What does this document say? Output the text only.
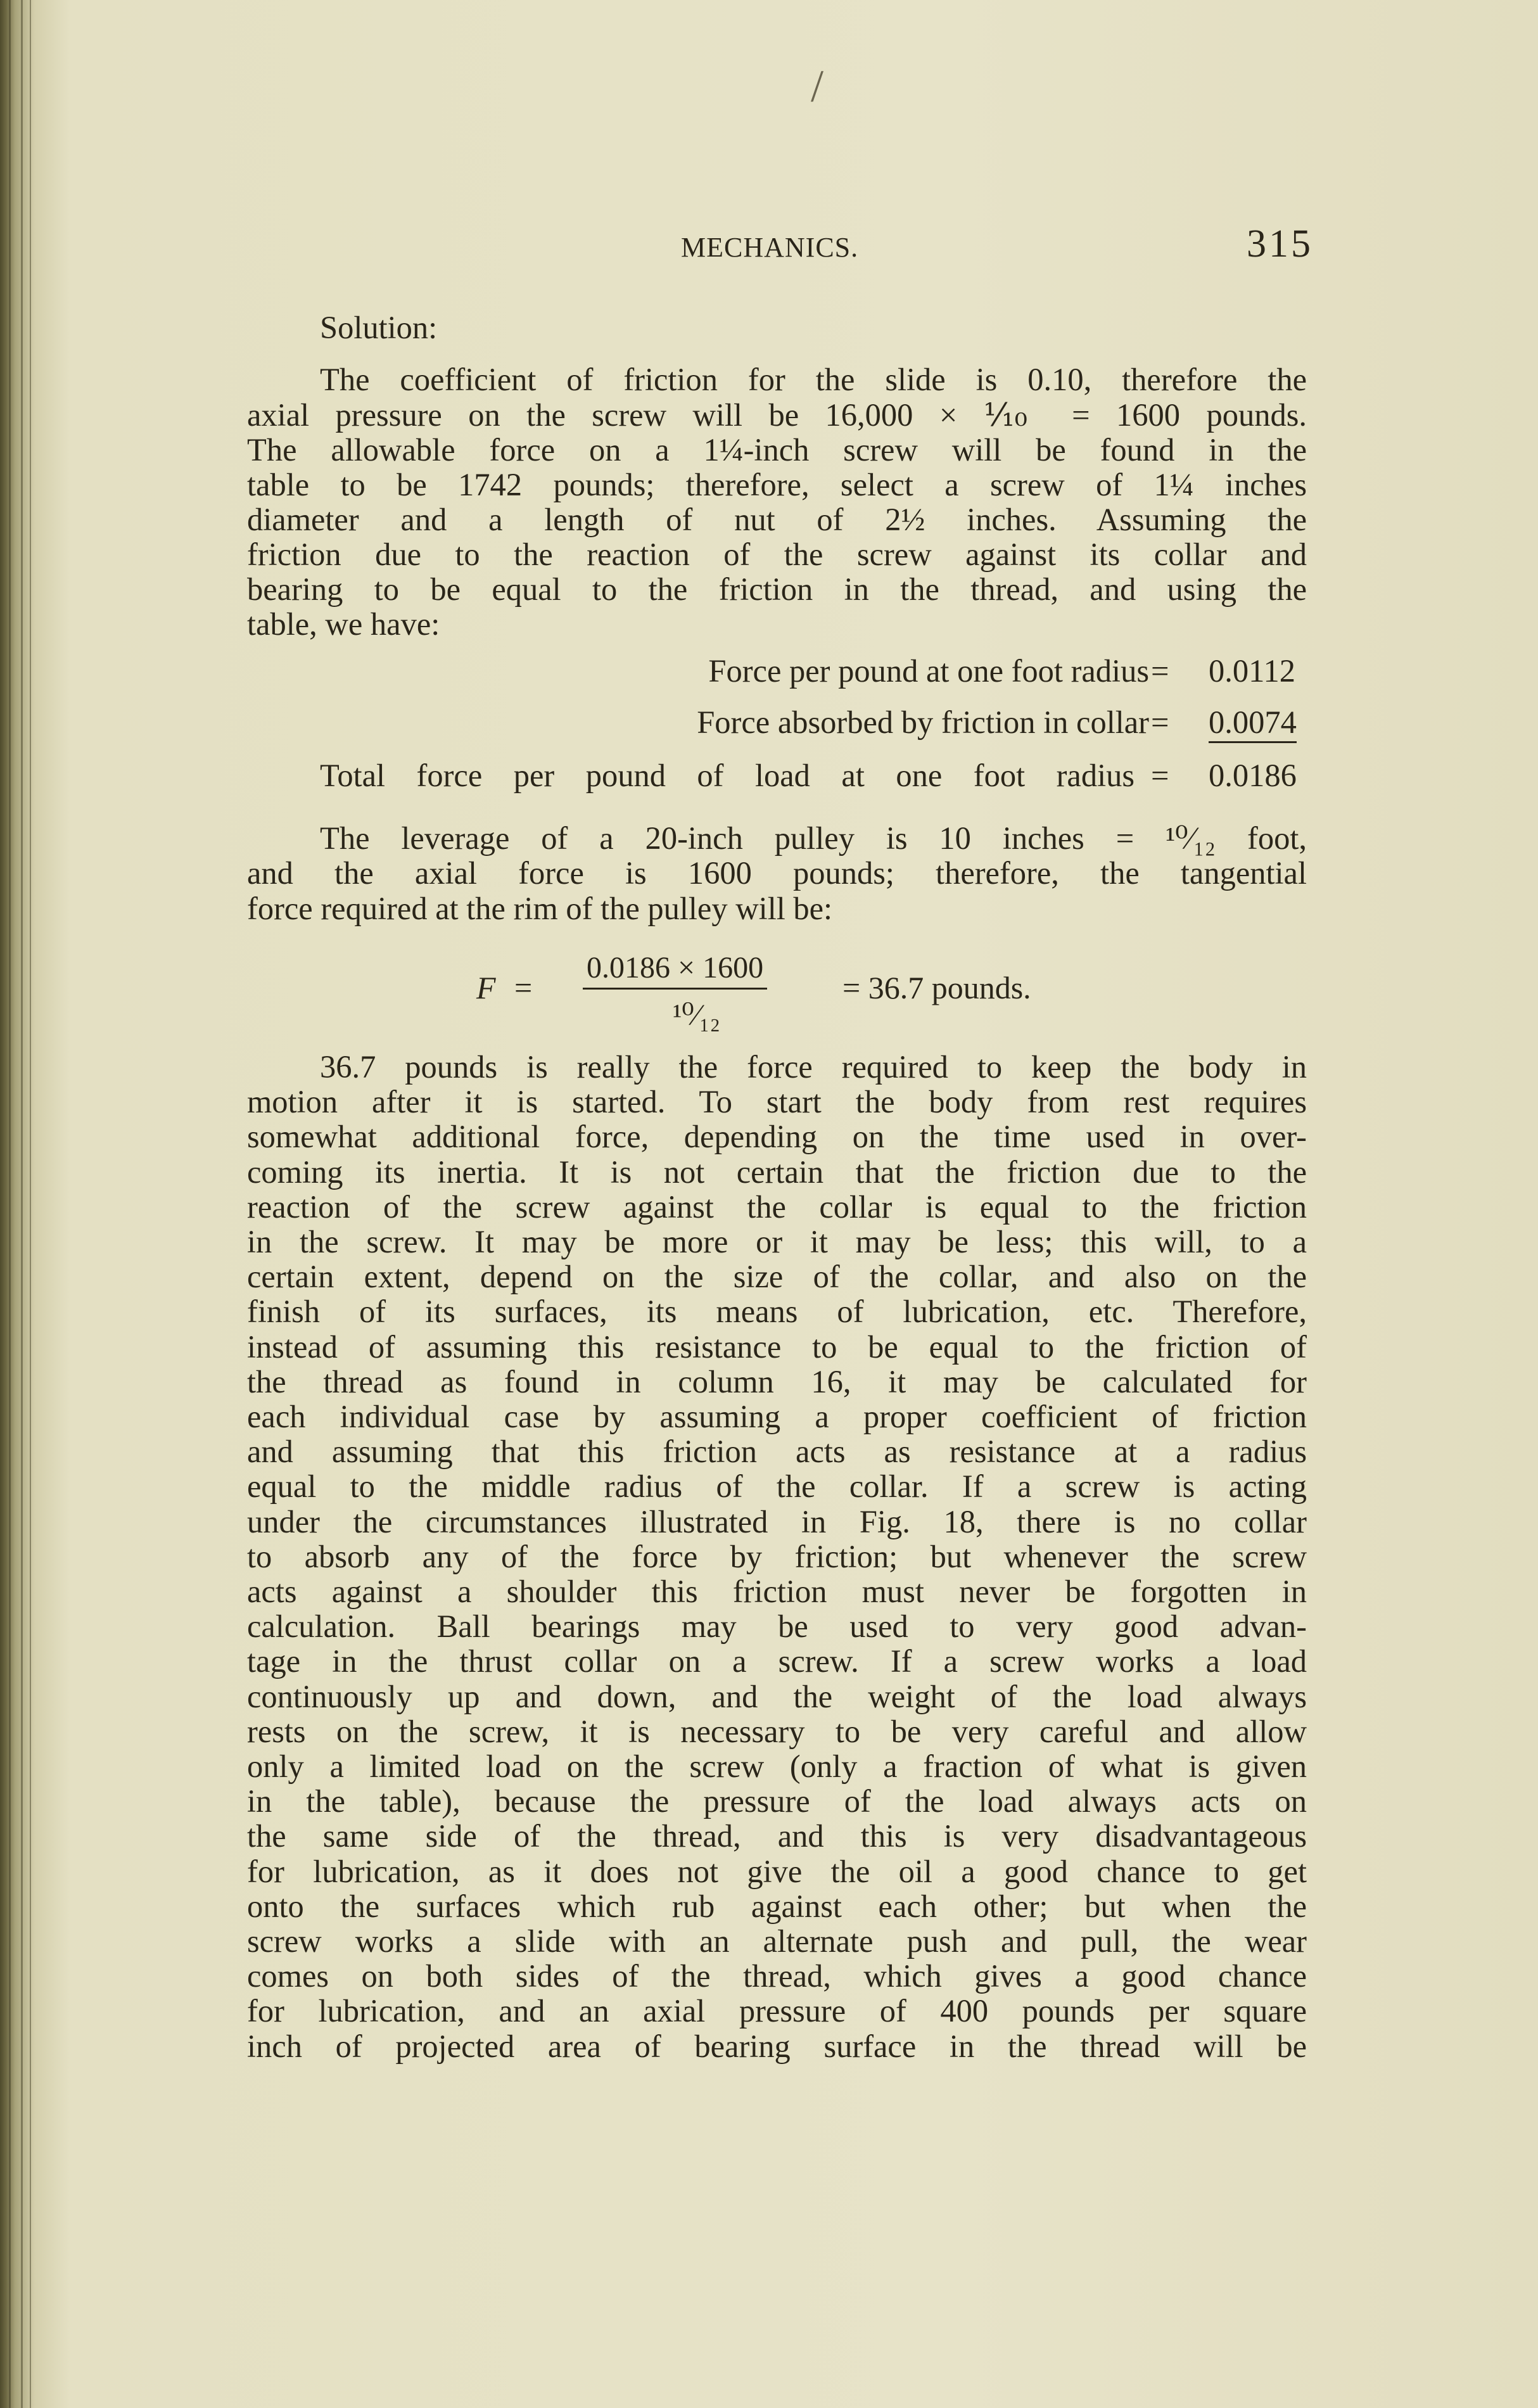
/
MECHANICS.	315
Solution:
The coefficient of friction for the slide is 0.10, therefore the
axial pressure on the screw will be 16,000 × ⅒ = 1600 pounds.
The allowable force on a 1¼-inch screw will be found in the
table to be 1742 pounds; therefore, select a screw of 1¼ inches
diameter and a length of nut of 2½ inches. Assuming the
friction due to the reaction of the screw against its collar and
bearing to be equal to the friction in the thread, and using the
table, we have:
Force per pound at one foot radius = 0.0112
Force absorbed by friction in collar = 0.0074
Total force per pound of load at one foot radius = 0.0186
The leverage of a 20-inch pulley is 10 inches = ¹⁰⁄₁₂ foot,
and the axial force is 1600 pounds; therefore, the tangential
force required at the rim of the pulley will be:
F =
0.0186 × 1600
¹⁰⁄₁₂
= 36.7 pounds.
36.7 pounds is really the force required to keep the body in
motion after it is started. To start the body from rest requires
somewhat additional force, depending on the time used in over-
coming its inertia. It is not certain that the friction due to the
reaction of the screw against the collar is equal to the friction
in the screw. It may be more or it may be less; this will, to a
certain extent, depend on the size of the collar, and also on the
finish of its surfaces, its means of lubrication, etc. Therefore,
instead of assuming this resistance to be equal to the friction of
the thread as found in column 16, it may be calculated for
each individual case by assuming a proper coefficient of friction
and assuming that this friction acts as resistance at a radius
equal to the middle radius of the collar. If a screw is acting
under the circumstances illustrated in Fig. 18, there is no collar
to absorb any of the force by friction; but whenever the screw
acts against a shoulder this friction must never be forgotten in
calculation. Ball bearings may be used to very good advan-
tage in the thrust collar on a screw. If a screw works a load
continuously up and down, and the weight of the load always
rests on the screw, it is necessary to be very careful and allow
only a limited load on the screw (only a fraction of what is given
in the table), because the pressure of the load always acts on
the same side of the thread, and this is very disadvantageous
for lubrication, as it does not give the oil a good chance to get
onto the surfaces which rub against each other; but when the
screw works a slide with an alternate push and pull, the wear
comes on both sides of the thread, which gives a good chance
for lubrication, and an axial pressure of 400 pounds per square
inch of projected area of bearing surface in the thread will be
